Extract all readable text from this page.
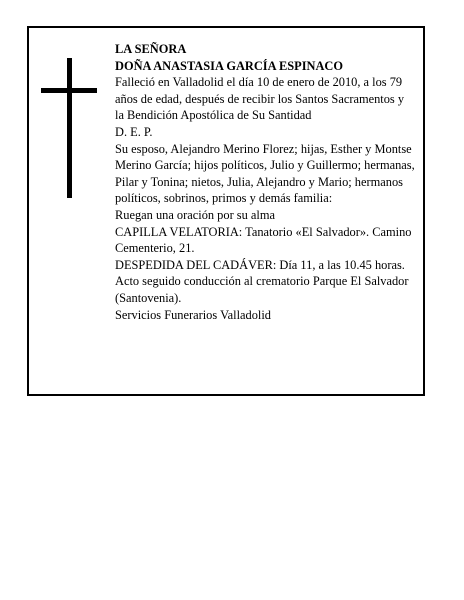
LA SEÑORA

DOÑA ANASTASIA GARCÍA ESPINACO

Falleció en Valladolid el día 10 de enero de 2010, a los 79 años de edad, después de recibir los Santos Sacramentos y la Bendición Apostólica de Su Santidad

D. E. P.

Su esposo, Alejandro Merino Florez; hijas, Esther y Montse Merino García; hijos políticos, Julio y Guillermo; hermanas, Pilar y Tonina; nietos, Julia, Alejandro y Mario; hermanos políticos, sobrinos, primos y demás familia:

Ruegan una oración por su alma

CAPILLA VELATORIA: Tanatorio «El Salvador». Camino Cementerio, 21.

DESPEDIDA DEL CADÁVER: Día 11, a las 10.45 horas. Acto seguido conducción al crematorio Parque El Salvador (Santovenia).

Servicios Funerarios Valladolid
